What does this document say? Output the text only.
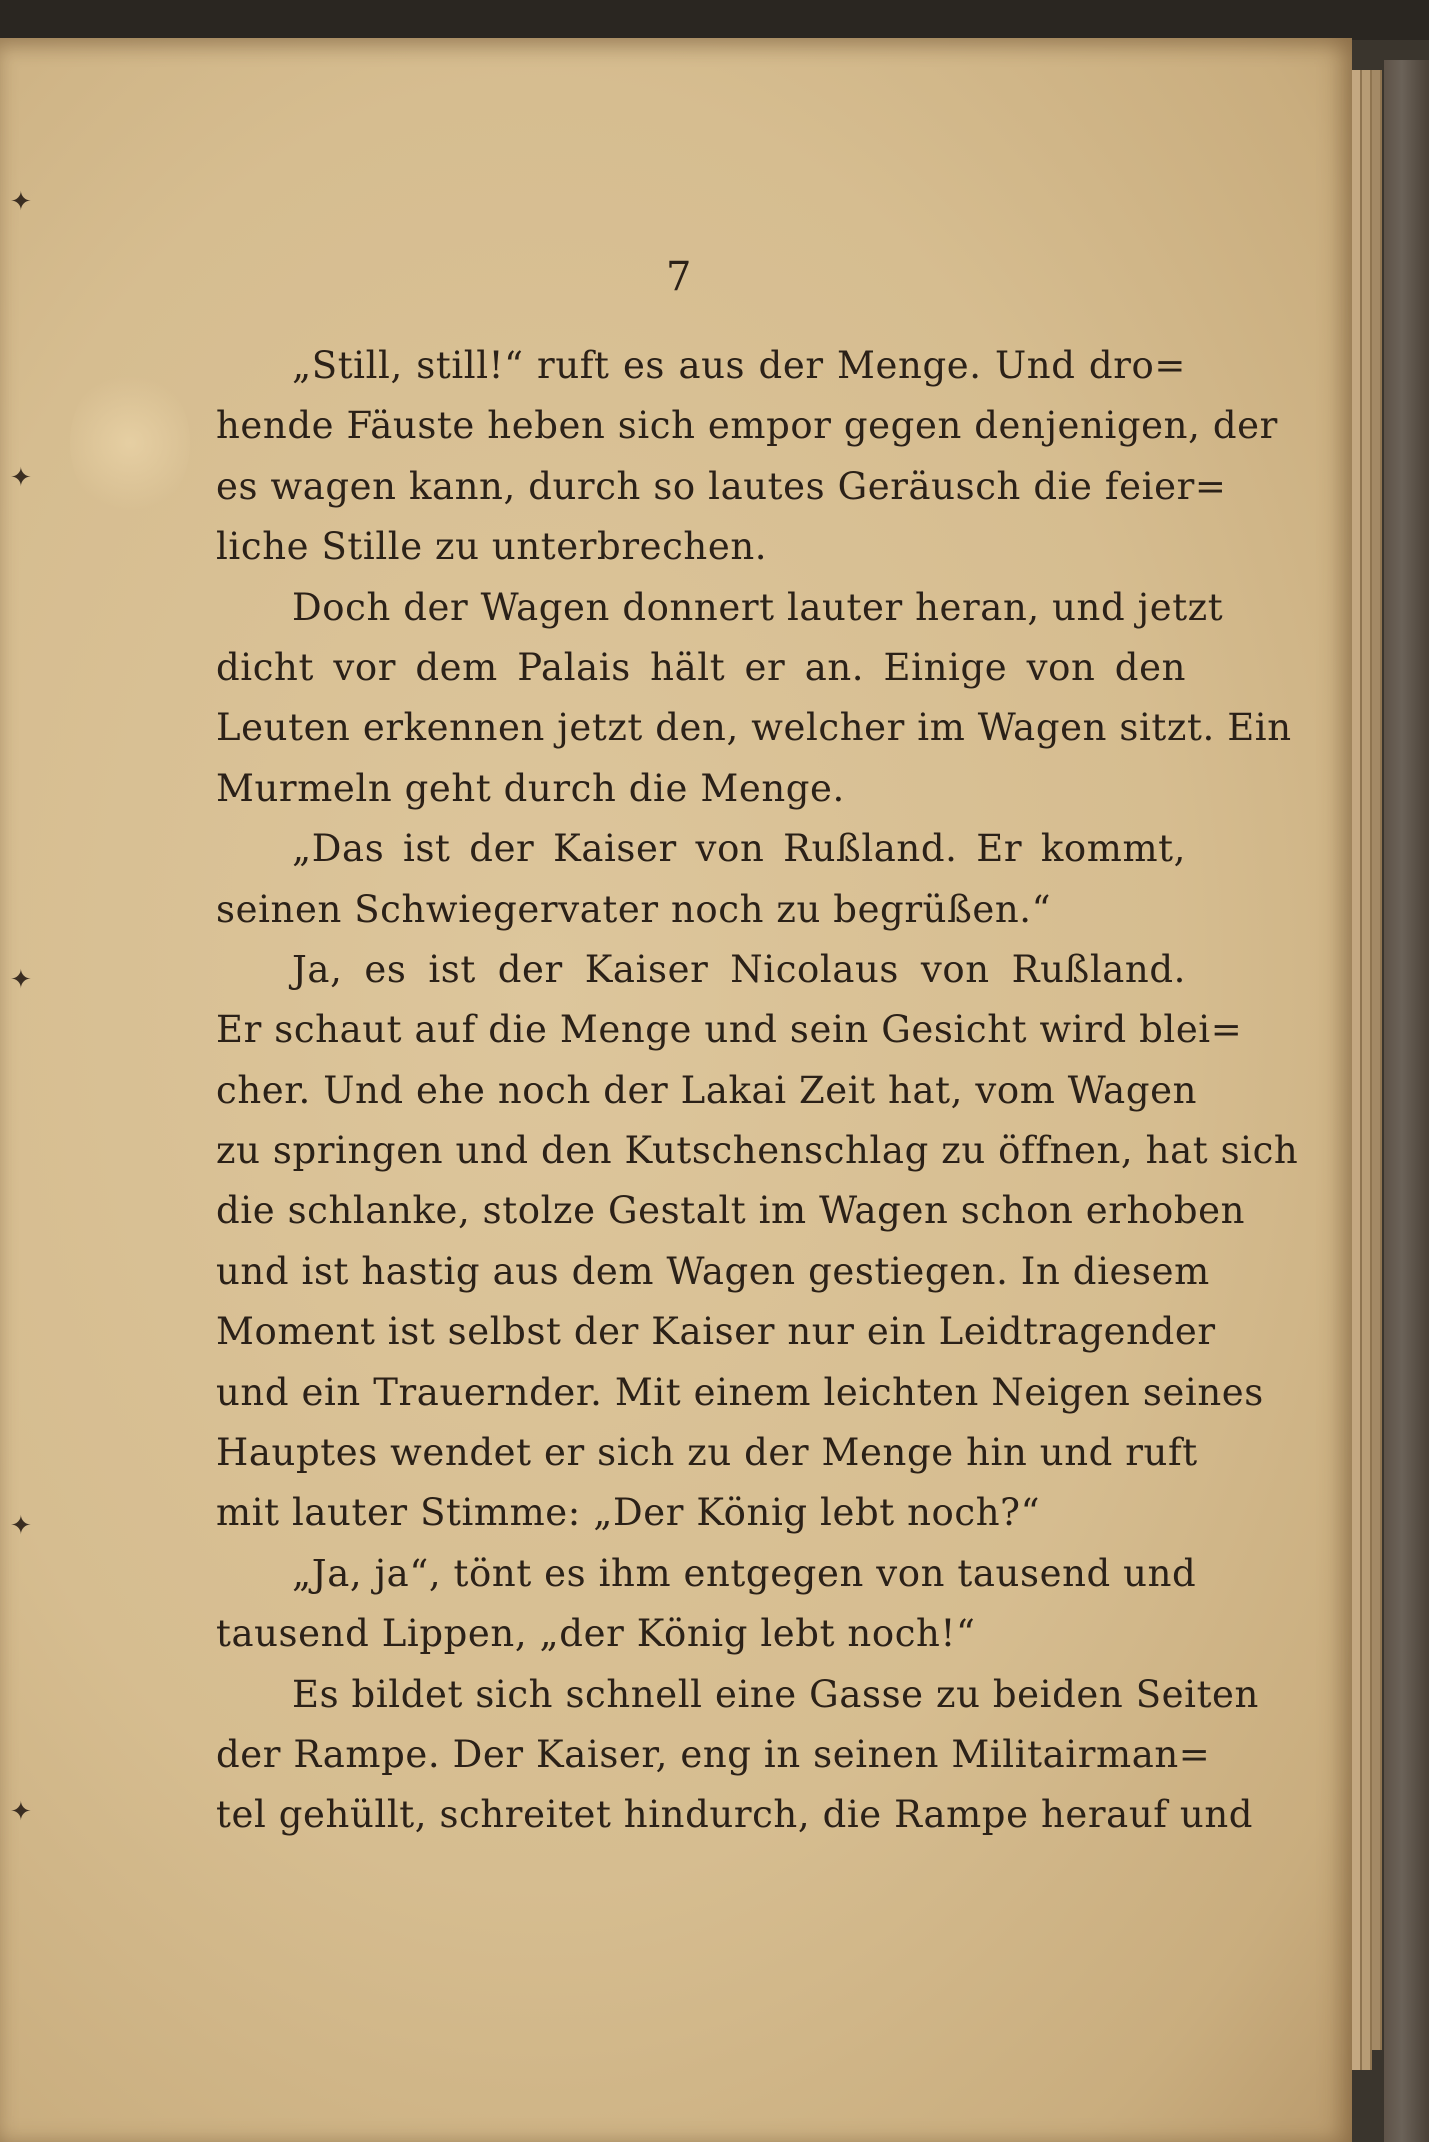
✦
✦
✦
✦
✦
7
„Still, still!“ ruft es aus der Menge. Und dro=
hende Fäuste heben sich empor gegen denjenigen, der
es wagen kann, durch so lautes Geräusch die feier=
liche Stille zu unterbrechen.
Doch der Wagen donnert lauter heran, und jetzt
dicht vor dem Palais hält er an. Einige von den
Leuten erkennen jetzt den, welcher im Wagen sitzt. Ein
Murmeln geht durch die Menge.
„Das ist der Kaiser von Rußland. Er kommt,
seinen Schwiegervater noch zu begrüßen.“
Ja, es ist der Kaiser Nicolaus von Rußland.
Er schaut auf die Menge und sein Gesicht wird blei=
cher. Und ehe noch der Lakai Zeit hat, vom Wagen
zu springen und den Kutschenschlag zu öffnen, hat sich
die schlanke, stolze Gestalt im Wagen schon erhoben
und ist hastig aus dem Wagen gestiegen. In diesem
Moment ist selbst der Kaiser nur ein Leidtragender
und ein Trauernder. Mit einem leichten Neigen seines
Hauptes wendet er sich zu der Menge hin und ruft
mit lauter Stimme: „Der König lebt noch?“
„Ja, ja“, tönt es ihm entgegen von tausend und
tausend Lippen, „der König lebt noch!“
Es bildet sich schnell eine Gasse zu beiden Seiten
der Rampe. Der Kaiser, eng in seinen Militairman=
tel gehüllt, schreitet hindurch, die Rampe herauf und
